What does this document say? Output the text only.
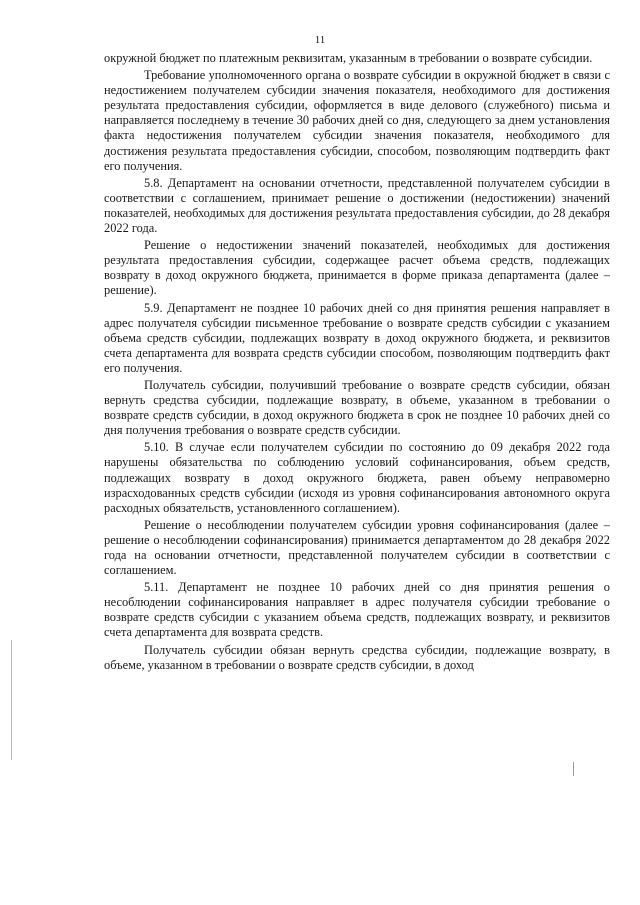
11

окружной бюджет по платежным реквизитам, указанным в требовании о возврате субсидии.

Требование уполномоченного органа о возврате субсидии в окружной бюджет в связи с недостижением получателем субсидии значения показателя, необходимого для достижения результата предоставления субсидии, оформляется в виде делового (служебного) письма и направляется последнему в течение 30 рабочих дней со дня, следующего за днем установления факта недостижения получателем субсидии значения показателя, необходимого для достижения результата предоставления субсидии, способом, позволяющим подтвердить факт его получения.

5.8. Департамент на основании отчетности, представленной получателем субсидии в соответствии с соглашением, принимает решение о достижении (недостижении) значений показателей, необходимых для достижения результата предоставления субсидии, до 28 декабря 2022 года.

Решение о недостижении значений показателей, необходимых для достижения результата предоставления субсидии, содержащее расчет объема средств, подлежащих возврату в доход окружного бюджета, принимается в форме приказа департамента (далее – решение).

5.9. Департамент не позднее 10 рабочих дней со дня принятия решения направляет в адрес получателя субсидии письменное требование о возврате средств субсидии с указанием объема средств субсидии, подлежащих возврату в доход окружного бюджета, и реквизитов счета департамента для возврата средств субсидии способом, позволяющим подтвердить факт его получения.

Получатель субсидии, получивший требование о возврате средств субсидии, обязан вернуть средства субсидии, подлежащие возврату, в объеме, указанном в требовании о возврате средств субсидии, в доход окружного бюджета в срок не позднее 10 рабочих дней со дня получения требования о возврате средств субсидии.

5.10. В случае если получателем субсидии по состоянию до 09 декабря 2022 года нарушены обязательства по соблюдению условий софинансирования, объем средств, подлежащих возврату в доход окружного бюджета, равен объему неправомерно израсходованных средств субсидии (исходя из уровня софинансирования автономного округа расходных обязательств, установленного соглашением).

Решение о несоблюдении получателем субсидии уровня софинансирования (далее – решение о несоблюдении софинансирования) принимается департаментом до 28 декабря 2022 года на основании отчетности, представленной получателем субсидии в соответствии с соглашением.

5.11. Департамент не позднее 10 рабочих дней со дня принятия решения о несоблюдении софинансирования направляет в адрес получателя субсидии требование о возврате средств субсидии с указанием объема средств, подлежащих возврату, и реквизитов счета департамента для возврата средств.

Получатель субсидии обязан вернуть средства субсидии, подлежащие возврату, в объеме, указанном в требовании о возврате средств субсидии, в доход
